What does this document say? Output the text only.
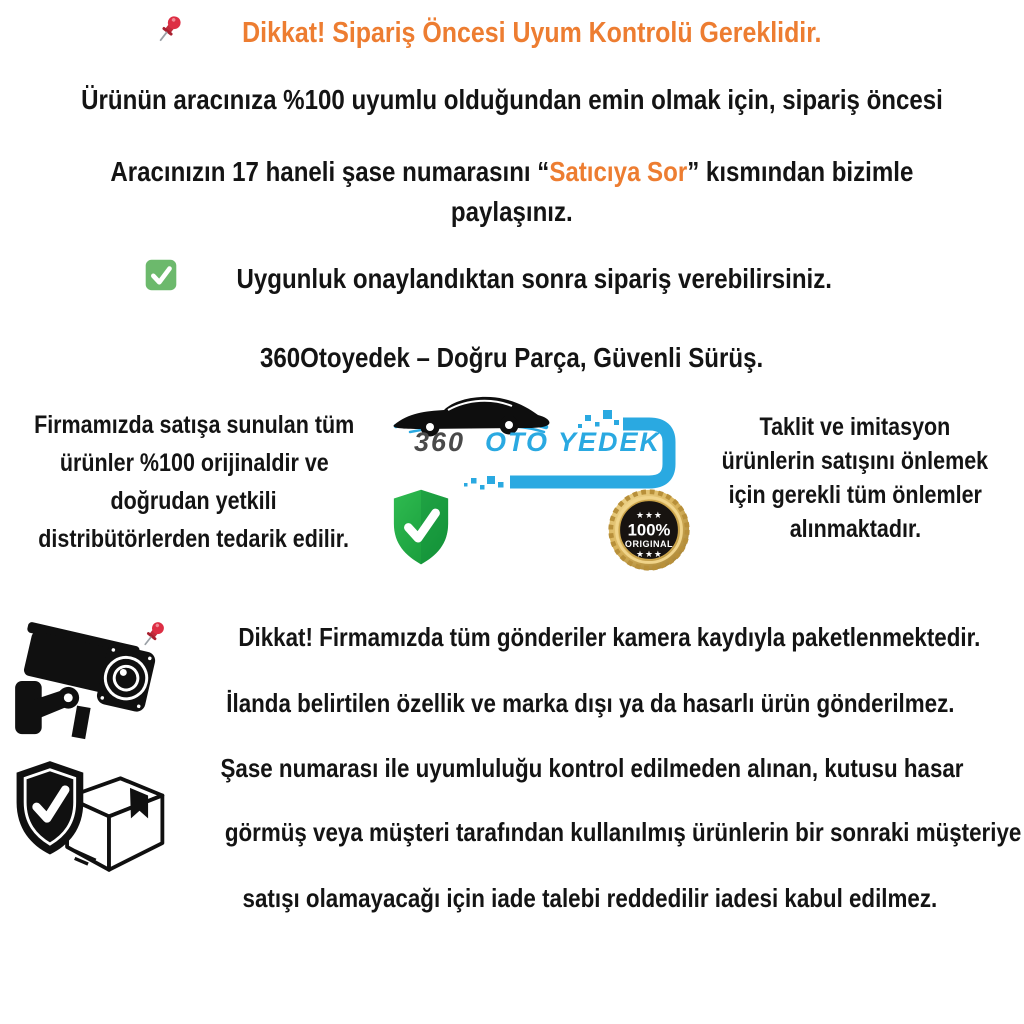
Dikkat! Sipariş Öncesi Uyum Kontrolü Gereklidir.
Ürünün aracınıza %100 uyumlu olduğundan emin olmak için, sipariş öncesi
Aracınızın 17 haneli şase numarasını “Satıcıya Sor” kısmından bizimle
paylaşınız.
Uygunluk onaylandıktan sonra sipariş verebilirsiniz.
360Otoyedek – Doğru Parça, Güvenli Sürüş.
Firmamızda satışa sunulan tüm
ürünler %100 orijinaldir ve
doğrudan yetkili
distribütörlerden tedarik edilir.
360 OTO YEDEK
★ ★ ★
100%
ORIGINAL
★ ★ ★
Taklit ve imitasyon
ürünlerin satışını önlemek
için gerekli tüm önlemler
alınmaktadır.
Dikkat! Firmamızda tüm gönderiler kamera kaydıyla paketlenmektedir.
İlanda belirtilen özellik ve marka dışı ya da hasarlı ürün gönderilmez.
Şase numarası ile uyumluluğu kontrol edilmeden alınan, kutusu hasar
görmüş veya müşteri tarafından kullanılmış ürünlerin bir sonraki müşteriye
satışı olamayacağı için iade talebi reddedilir iadesi kabul edilmez.
